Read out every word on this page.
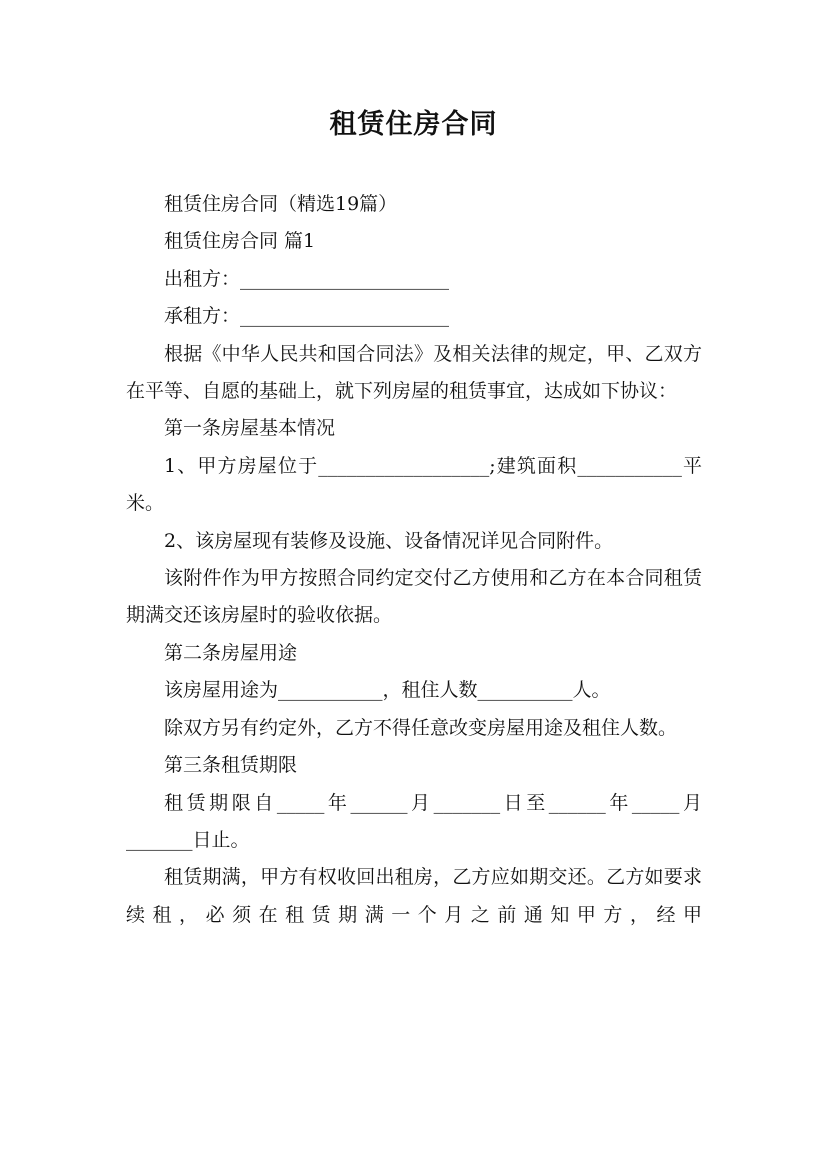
租赁住房合同

租赁住房合同（精选19篇）

租赁住房合同 篇1

出租方：______________________

承租方：______________________

根据《中华人民共和国合同法》及相关法律的规定，甲、乙双方在平等、自愿的基础上，就下列房屋的租赁事宜，达成如下协议：

第一条房屋基本情况

1、甲方房屋位于__________________;建筑面积___________平米。

2、该房屋现有装修及设施、设备情况详见合同附件。

该附件作为甲方按照合同约定交付乙方使用和乙方在本合同租赁期满交还该房屋时的验收依据。

第二条房屋用途

该房屋用途为___________，租住人数__________人。

除双方另有约定外，乙方不得任意改变房屋用途及租住人数。

第三条租赁期限

租赁期限自_____年______月_______日至______年_____月_______日止。

租赁期满，甲方有权收回出租房，乙方应如期交还。乙方如要求续租，必须在租赁期满一个月之前通知甲方，经甲
